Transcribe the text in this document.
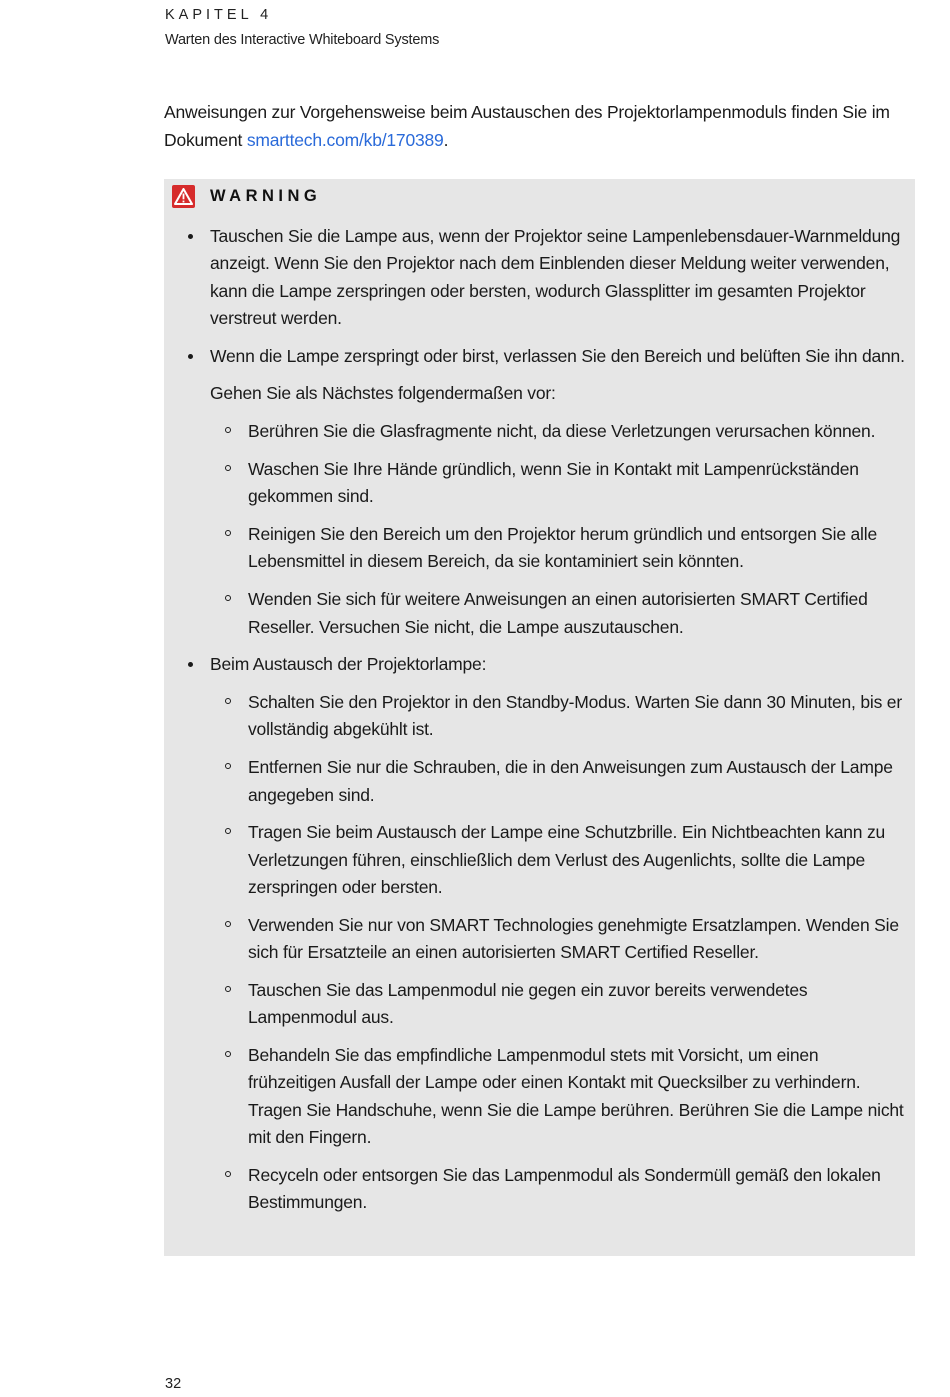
KAPITEL 4
Warten des Interactive Whiteboard Systems
Anweisungen zur Vorgehensweise beim Austauschen des Projektorlampenmoduls finden Sie im Dokument smarttech.com/kb/170389.
WARNING
Tauschen Sie die Lampe aus, wenn der Projektor seine Lampenlebensdauer-Warnmeldung anzeigt. Wenn Sie den Projektor nach dem Einblenden dieser Meldung weiter verwenden, kann die Lampe zerspringen oder bersten, wodurch Glassplitter im gesamten Projektor verstreut werden.
Wenn die Lampe zerspringt oder birst, verlassen Sie den Bereich und belüften Sie ihn dann.
Gehen Sie als Nächstes folgendermaßen vor:
Berühren Sie die Glasfragmente nicht, da diese Verletzungen verursachen können.
Waschen Sie Ihre Hände gründlich, wenn Sie in Kontakt mit Lampenrückständen gekommen sind.
Reinigen Sie den Bereich um den Projektor herum gründlich und entsorgen Sie alle Lebensmittel in diesem Bereich, da sie kontaminiert sein könnten.
Wenden Sie sich für weitere Anweisungen an einen autorisierten SMART Certified Reseller. Versuchen Sie nicht, die Lampe auszutauschen.
Beim Austausch der Projektorlampe:
Schalten Sie den Projektor in den Standby-Modus. Warten Sie dann 30 Minuten, bis er vollständig abgekühlt ist.
Entfernen Sie nur die Schrauben, die in den Anweisungen zum Austausch der Lampe angegeben sind.
Tragen Sie beim Austausch der Lampe eine Schutzbrille. Ein Nichtbeachten kann zu Verletzungen führen, einschließlich dem Verlust des Augenlichts, sollte die Lampe zerspringen oder bersten.
Verwenden Sie nur von SMART Technologies genehmigte Ersatzlampen. Wenden Sie sich für Ersatzteile an einen autorisierten SMART Certified Reseller.
Tauschen Sie das Lampenmodul nie gegen ein zuvor bereits verwendetes Lampenmodul aus.
Behandeln Sie das empfindliche Lampenmodul stets mit Vorsicht, um einen frühzeitigen Ausfall der Lampe oder einen Kontakt mit Quecksilber zu verhindern. Tragen Sie Handschuhe, wenn Sie die Lampe berühren. Berühren Sie die Lampe nicht mit den Fingern.
Recyceln oder entsorgen Sie das Lampenmodul als Sondermüll gemäß den lokalen Bestimmungen.
32
